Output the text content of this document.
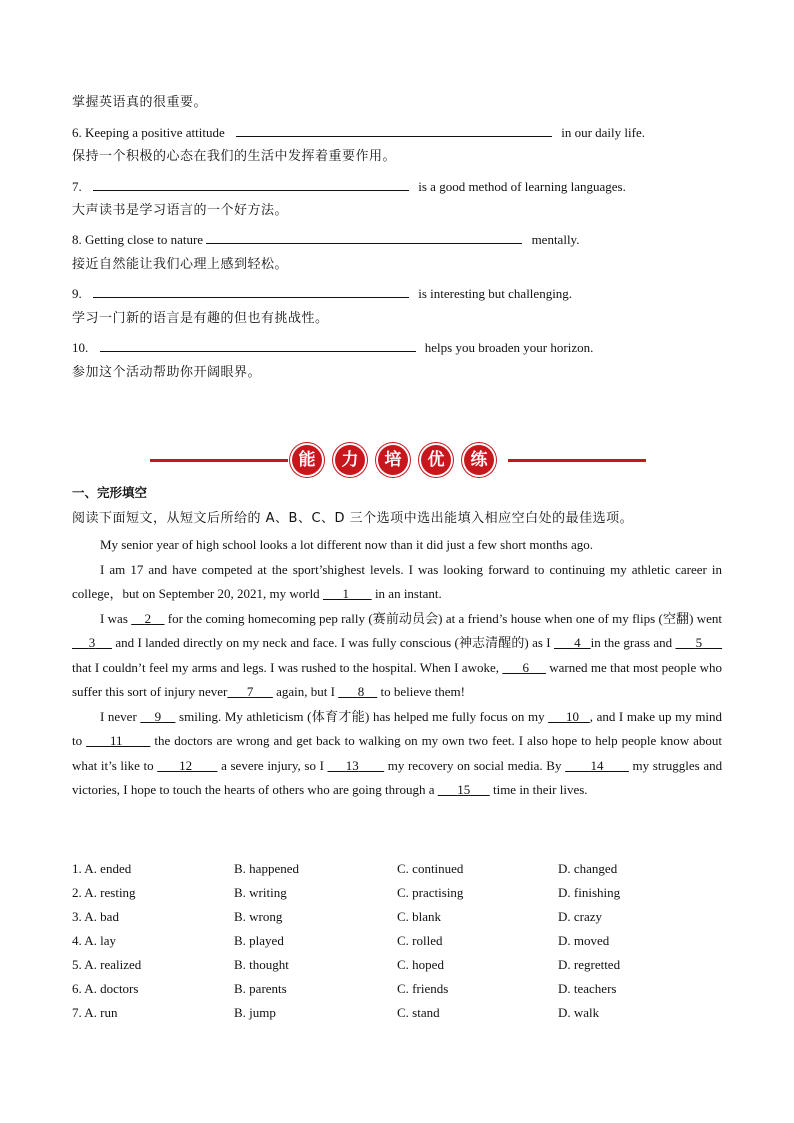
掌握英语真的很重要。
6. Keeping a positive attitude	in our daily life.
保持一个积极的心态在我们的生活中发挥着重要作用。
7.	is a good method of learning languages.
大声读书是学习语言的一个好方法。
8. Getting close to nature	mentally.
接近自然能让我们心理上感到轻松。
9.	is interesting but challenging.
学习一门新的语言是有趣的但也有挑战性。
10.	helps you broaden your horizon.
参加这个活动帮助你开阔眼界。
能	力	培	优	练
一、完形填空
阅读下面短文，从短文后所给的 A、B、C、D 三个选项中选出能填入相应空白处的最佳选项。
My senior year of high school looks a lot different now than it did just a few short months ago.
I am 17 and have competed at the sport’shighest levels. I was looking forward to continuing my athletic career in college，but on September 20, 2021, my world 1 in an instant.
I was 2 for the coming homecoming pep rally (赛前动员会) at a friend’s house when one of my flips (空翻) went      3 and I landed directly on my neck and face. I was fully conscious (神志清醒的) as I 4 in the grass and 5       that I couldn’t feel my arms and legs. I was rushed to the hospital. When I awoke, 6 warned me that most people who suffer this sort of injury never 7 again, but I 8 to believe them!
I never 9 smiling. My athleticism (体育才能) has helped me fully focus on my 10 , and I make up my mind to 11 the doctors are wrong and get back to walking on my own two feet. I also hope to help people know about what it’s like to 12 a severe injury, so I 13 my recovery on social media. By 14 my struggles and victories, I hope to touch the hearts of others who are going through a 15 time in their lives.
1. A. ended	B. happened	C. continued	D. changed
2. A. resting	B. writing	C. practising	D. finishing
3. A. bad	B. wrong	C. blank	D. crazy
4. A. lay	B. played	C. rolled	D. moved
5. A. realized	B. thought	C. hoped	D. regretted
6. A. doctors	B. parents	C. friends	D. teachers
7. A. run	B. jump	C. stand	D. walk
